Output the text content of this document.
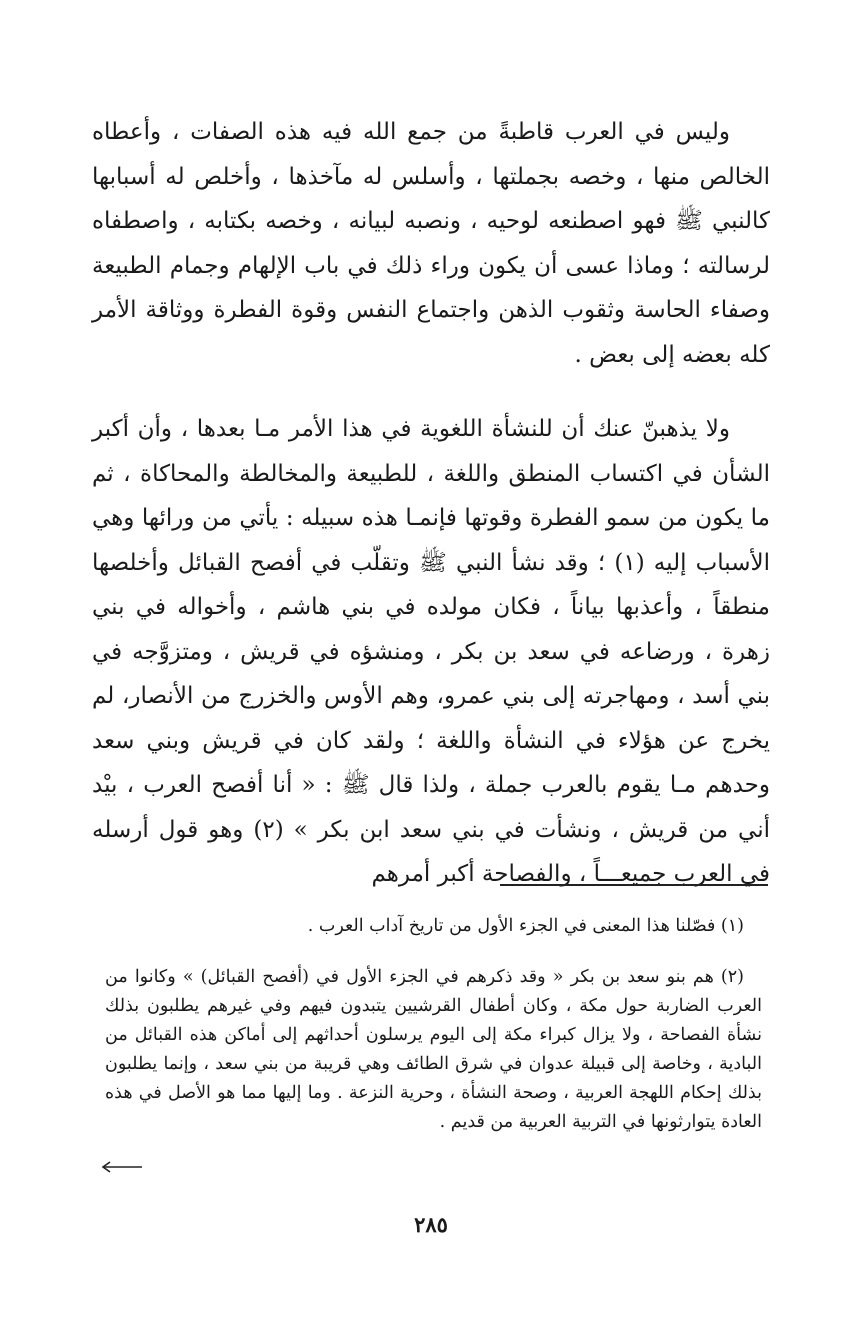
وليس في العرب قاطبةً من جمع الله فيه هذه الصفات ، وأعطاه الخالص منها ، وخصه بجملتها ، وأسلس له مآخذها ، وأخلص له أسبابها كالنبي ﷺ فهو اصطنعه لوحيه ، ونصبه لبيانه ، وخصه بكتابه ، واصطفاه لرسالته ؛ وماذا عسى أن يكون وراء ذلك في باب الإلهام وجمام الطبيعة وصفاء الحاسة وثقوب الذهن واجتماع النفس وقوة الفطرة ووثاقة الأمر كله بعضه إلى بعض .

ولا يذهبنّ عنك أن للنشأة اللغوية في هذا الأمر مـا بعدها ، وأن أكبر الشأن في اكتساب المنطق واللغة ، للطبيعة والمخالطة والمحاكاة ، ثم ما يكون من سمو الفطرة وقوتها فإنمـا هذه سبيله : يأتي من ورائها وهي الأسباب إليه (١) ؛ وقد نشأ النبي ﷺ وتقلّب في أفصح القبائل وأخلصها منطقاً ، وأعذبها بياناً ، فكان مولده في بني هاشم ، وأخواله في بني زهرة ، ورضاعه في سعد بن بكر ، ومنشؤه في قريش ، ومتزوَّجه في بني أسد ، ومهاجرته إلى بني عمرو، وهم الأوس والخزرج من الأنصار، لم يخرج عن هؤلاء في النشأة واللغة ؛ ولقد كان في قريش وبني سعد وحدهم مـا يقوم بالعرب جملة ، ولذا قال ﷺ : « أنا أفصح العرب ، بيْد أني من قريش ، ونشأت في بني سعد ابن بكر » (٢) وهو قول أرسله في العرب جميعـــاً ، والفصاحة أكبر أمرهم

(١) فصّلنا هذا المعنى في الجزء الأول من تاريخ آداب العرب .

(٢) هم بنو سعد بن بكر « وقد ذكرهم في الجزء الأول في (أفصح القبائل) » وكانوا من العرب الضاربة حول مكة ، وكان أطفال القرشيين يتبدون فيهم وفي غيرهم يطلبون بذلك نشأة الفصاحة ، ولا يزال كبراء مكة إلى اليوم يرسلون أحداثهم إلى أماكن هذه القبائل من البادية ، وخاصة إلى قبيلة عدوان في شرق الطائف وهي قريبة من بني سعد ، وإنما يطلبون بذلك إحكام اللهجة العربية ، وصحة النشأة ، وحرية النزعة . وما إليها مما هو الأصل في هذه العادة يتوارثونها في التربية العربية من قديم .

٢٨٥
